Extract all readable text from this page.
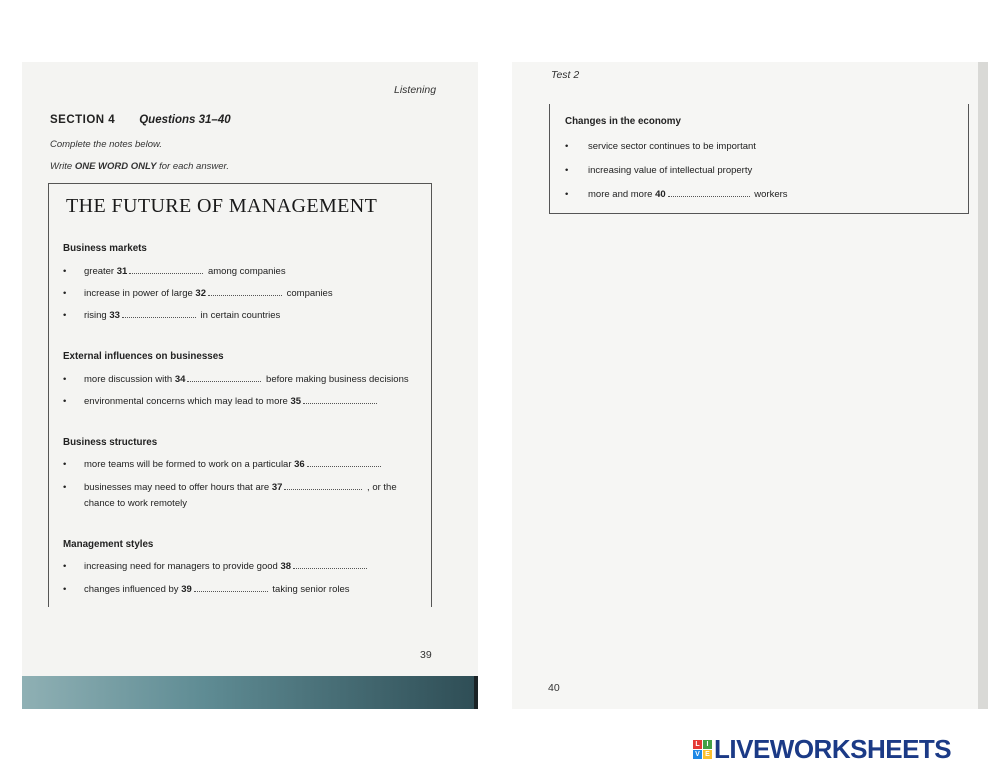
Listening
SECTION 4 Questions 31–40
Complete the notes below.
Write ONE WORD ONLY for each answer.
THE FUTURE OF MANAGEMENT
Business markets
• greater 31	among companies
• increase in power of large 32	companies
• rising 33	in certain countries
External influences on businesses
• more discussion with 34	before making business decisions
• environmental concerns which may lead to more 35
Business structures
• more teams will be formed to work on a particular 36
• businesses may need to offer hours that are 37	, or the
chance to work remotely
Management styles
• increasing need for managers to provide good 38
• changes influenced by 39	taking senior roles
39
Test 2
Changes in the economy
• service sector continues to be important
• increasing value of intellectual property
• more and more 40	workers
40
L I
V E LIVEWORKSHEETS
